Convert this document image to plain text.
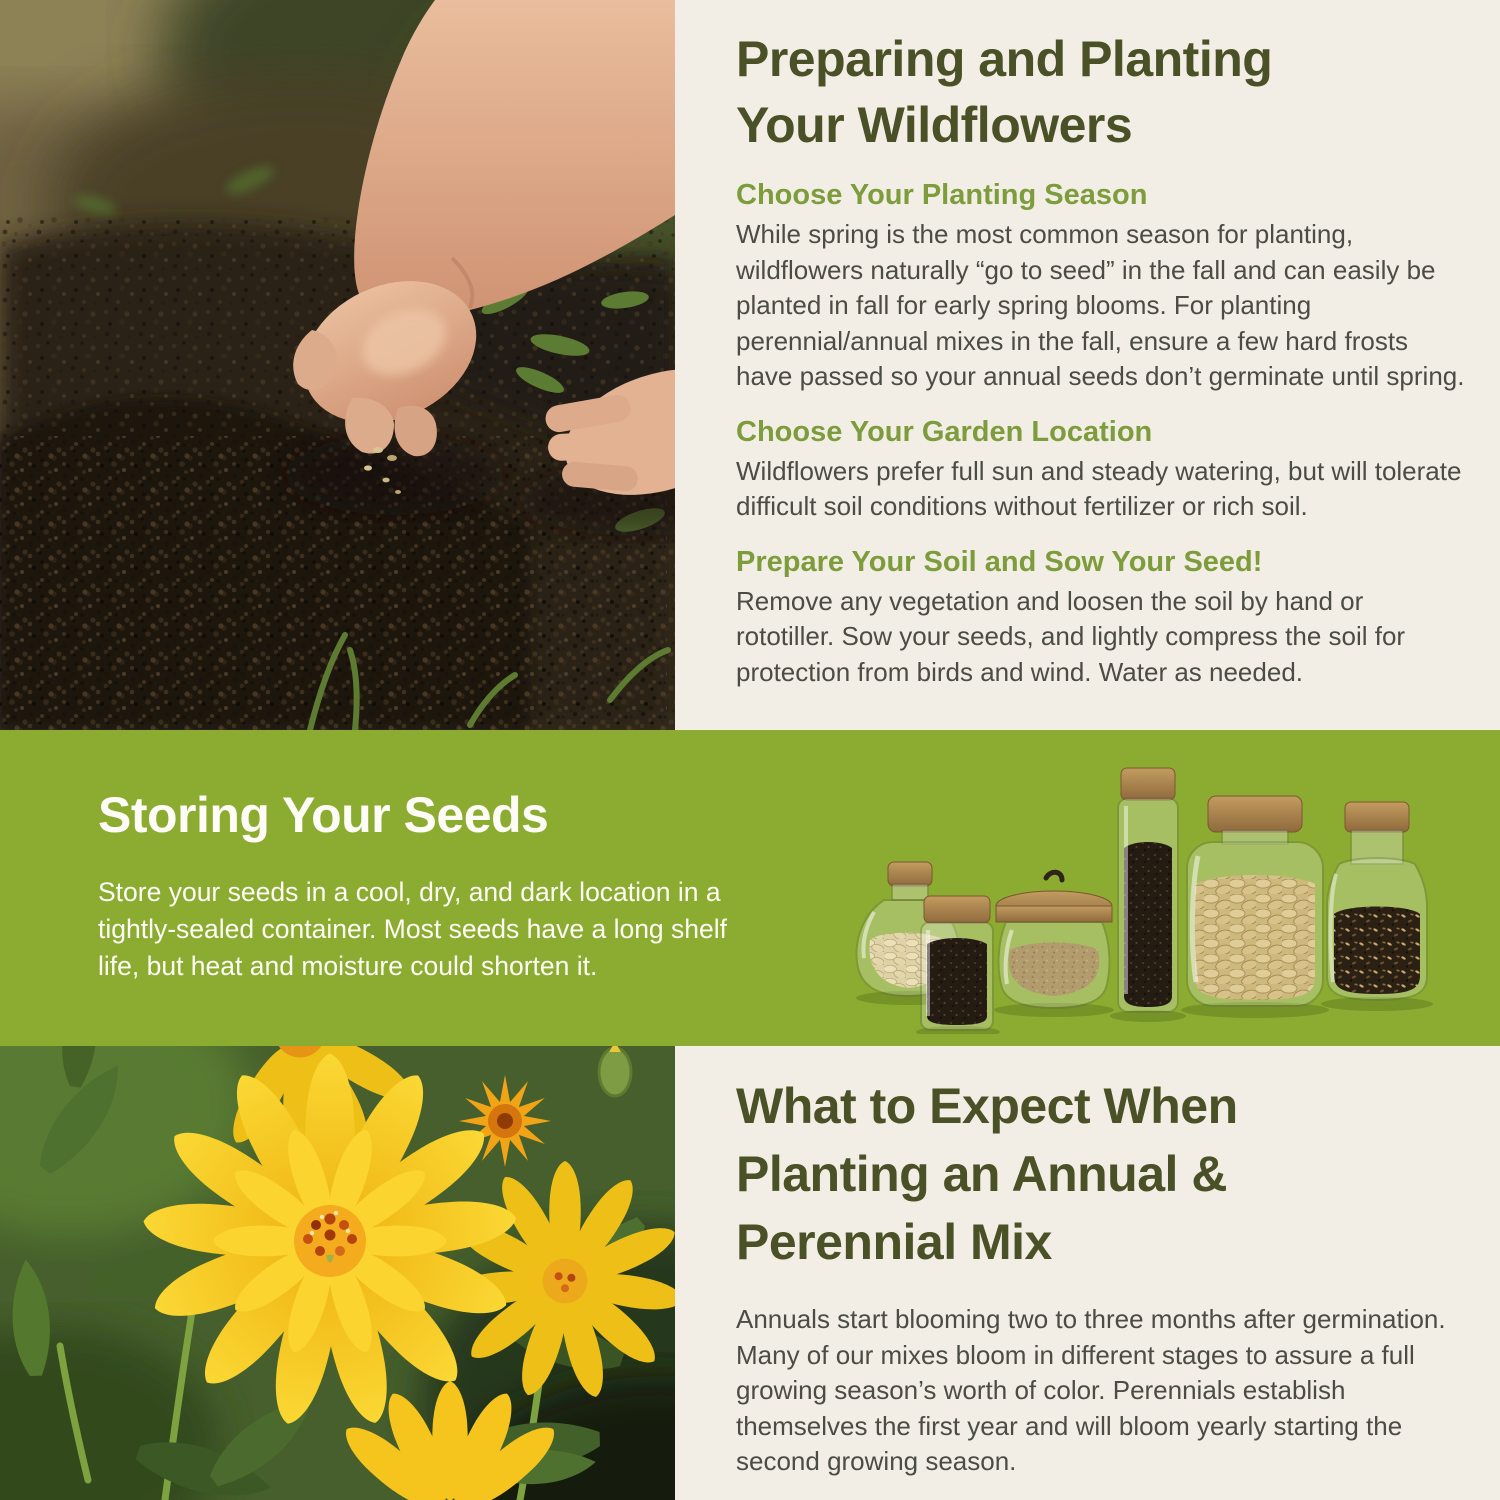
Preparing and Planting
Your Wildflowers
Choose Your Planting Season

While spring is the most common season for planting, wildflowers naturally “go to seed” in the fall and can easily be planted in fall for early spring blooms. For planting perennial/annual mixes in the fall, ensure a few hard frosts have passed so your annual seeds don’t germinate until spring.

Choose Your Garden Location

Wildflowers prefer full sun and steady watering, but will tolerate difficult soil conditions without fertilizer or rich soil.

Prepare Your Soil and Sow Your Seed!

Remove any vegetation and loosen the soil by hand or rototiller. Sow your seeds, and lightly compress the soil for protection from birds and wind. Water as needed.

Storing Your Seeds

Store your seeds in a cool, dry, and dark location in a tightly-sealed container. Most seeds have a long shelf life, but heat and moisture could shorten it.

What to Expect When
Planting an Annual &
Perennial Mix

Annuals start blooming two to three months after germination. Many of our mixes bloom in different stages to assure a full growing season’s worth of color. Perennials establish themselves the first year and will bloom yearly starting the second growing season.
